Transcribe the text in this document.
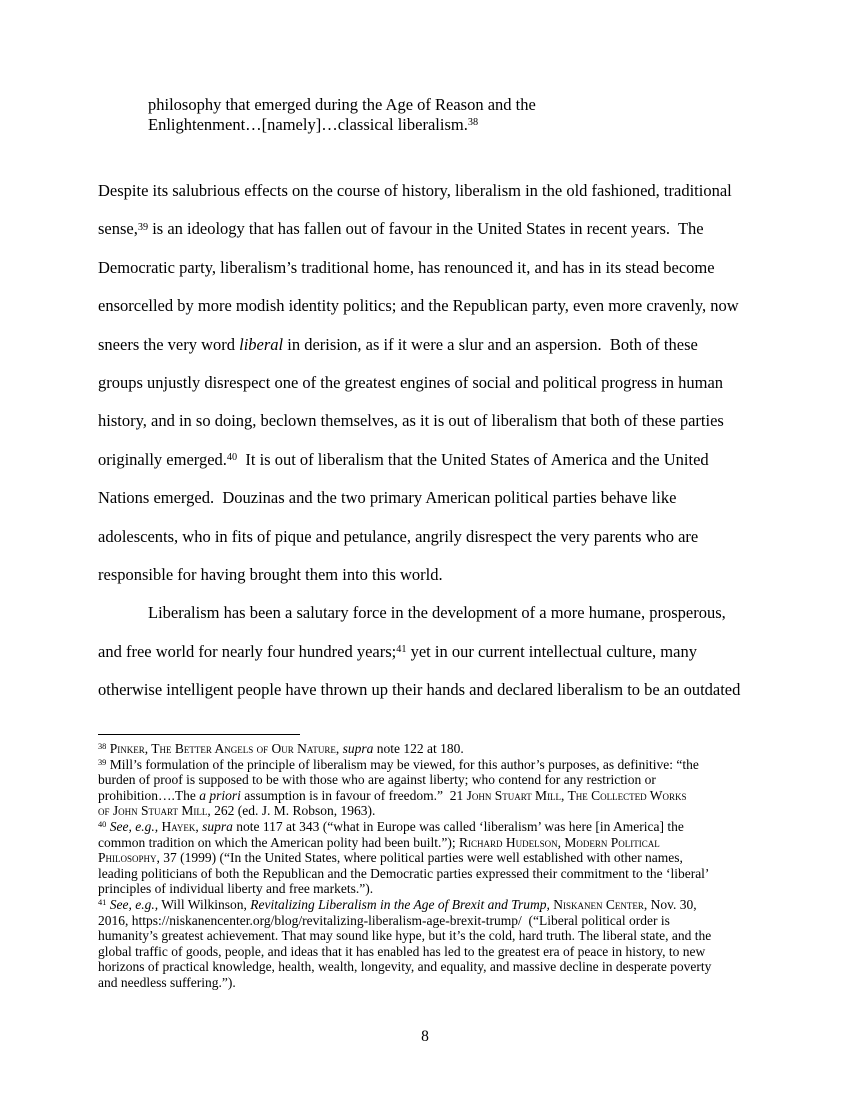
philosophy that emerged during the Age of Reason and the
Enlightenment…[namely]…classical liberalism.$^{38}$
Despite its salubrious effects on the course of history, liberalism in the old fashioned, traditional
sense,$^{39}$ is an ideology that has fallen out of favour in the United States in recent years.  The
Democratic party, liberalism’s traditional home, has renounced it, and has in its stead become
ensorcelled by more modish identity politics; and the Republican party, even more cravenly, now
sneers the very word liberal in derision, as if it were a slur and an aspersion.  Both of these
groups unjustly disrespect one of the greatest engines of social and political progress in human
history, and in so doing, beclown themselves, as it is out of liberalism that both of these parties
originally emerged.$^{40}$  It is out of liberalism that the United States of America and the United
Nations emerged.  Douzinas and the two primary American political parties behave like
adolescents, who in fits of pique and petulance, angrily disrespect the very parents who are
responsible for having brought them into this world.
Liberalism has been a salutary force in the development of a more humane, prosperous,
and free world for nearly four hundred years;$^{41}$ yet in our current intellectual culture, many
otherwise intelligent people have thrown up their hands and declared liberalism to be an outdated
$^{38}$ Pinker, The Better Angels of Our Nature, supra note 122 at 180.
$^{39}$ Mill’s formulation of the principle of liberalism may be viewed, for this author’s purposes, as definitive: “the
burden of proof is supposed to be with those who are against liberty; who contend for any restriction or
prohibition….The a priori assumption is in favour of freedom.”  21 John Stuart Mill, The Collected Works
of John Stuart Mill, 262 (ed. J. M. Robson, 1963).
$^{40}$ See, e.g., Hayek, supra note 117 at 343 (“what in Europe was called ‘liberalism’ was here [in America] the
common tradition on which the American polity had been built.”); Richard Hudelson, Modern Political
Philosophy, 37 (1999) (“In the United States, where political parties were well established with other names,
leading politicians of both the Republican and the Democratic parties expressed their commitment to the ‘liberal’
principles of individual liberty and free markets.”).
$^{41}$ See, e.g., Will Wilkinson, Revitalizing Liberalism in the Age of Brexit and Trump, Niskanen Center, Nov. 30,
2016, https://niskanencenter.org/blog/revitalizing-liberalism-age-brexit-trump/  (“Liberal political order is
humanity’s greatest achievement. That may sound like hype, but it’s the cold, hard truth. The liberal state, and the
global traffic of goods, people, and ideas that it has enabled has led to the greatest era of peace in history, to new
horizons of practical knowledge, health, wealth, longevity, and equality, and massive decline in desperate poverty
and needless suffering.”).
8
